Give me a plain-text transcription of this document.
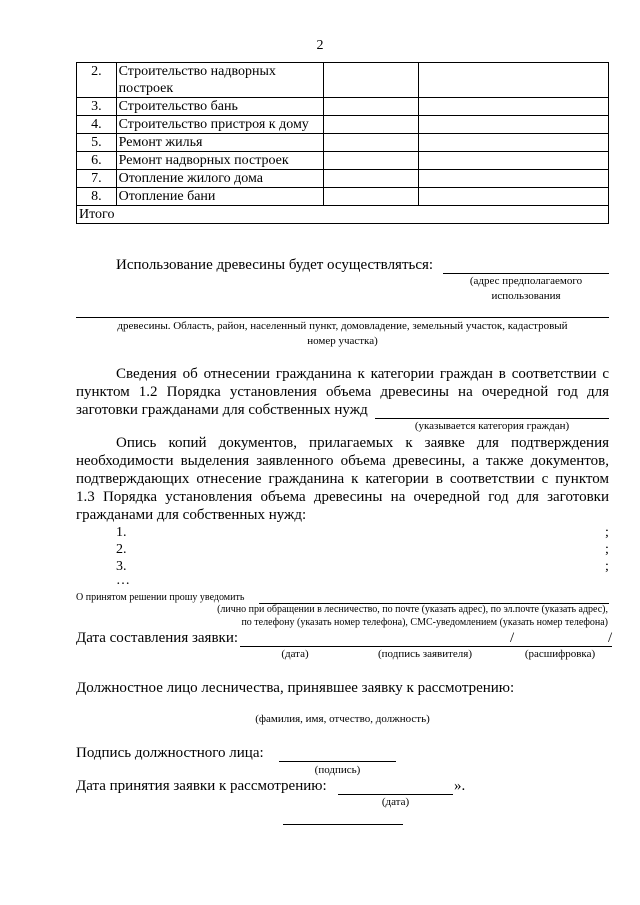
2
2.	Строительство надворных построек		
3.	Строительство бань		
4.	Строительство пристроя к дому		
5.	Ремонт жилья		
6.	Ремонт надворных построек		
7.	Отопление жилого дома		
8.	Отопление бани		
Итого			
Использование древесины будет осуществляться:
(адрес предполагаемого
использования
древесины. Область, район, населенный пункт, домовладение, земельный участок, кадастровый
номер участка)
Сведения об отнесении гражданина к категории граждан в соответствии с
пунктом 1.2 Порядка установления объема древесины на очередной год для
заготовки гражданами для собственных нужд
(указывается категория граждан)
Опись копий документов, прилагаемых к заявке для подтверждения
необходимости выделения заявленного объема древесины, а также документов,
подтверждающих отнесение гражданина к категории в соответствии с пунктом
1.3 Порядка установления объема древесины на очередной год для заготовки
гражданами для собственных нужд:
1.	;
2.	;
3.	;
…
О принятом решении прошу уведомить
(лично при обращении в лесничество, по почте (указать адрес), по эл.почте (указать адрес),
по телефону (указать номер телефона), СМС-уведомлением (указать номер телефона)
Дата составления заявки:	/	/
(дата)	(подпись заявителя)	(расшифровка)
Должностное лицо лесничества, принявшее заявку к рассмотрению:
(фамилия, имя, отчество, должность)
Подпись должностного лица:
(подпись)
Дата принятия заявки к рассмотрению:	».
(дата)
